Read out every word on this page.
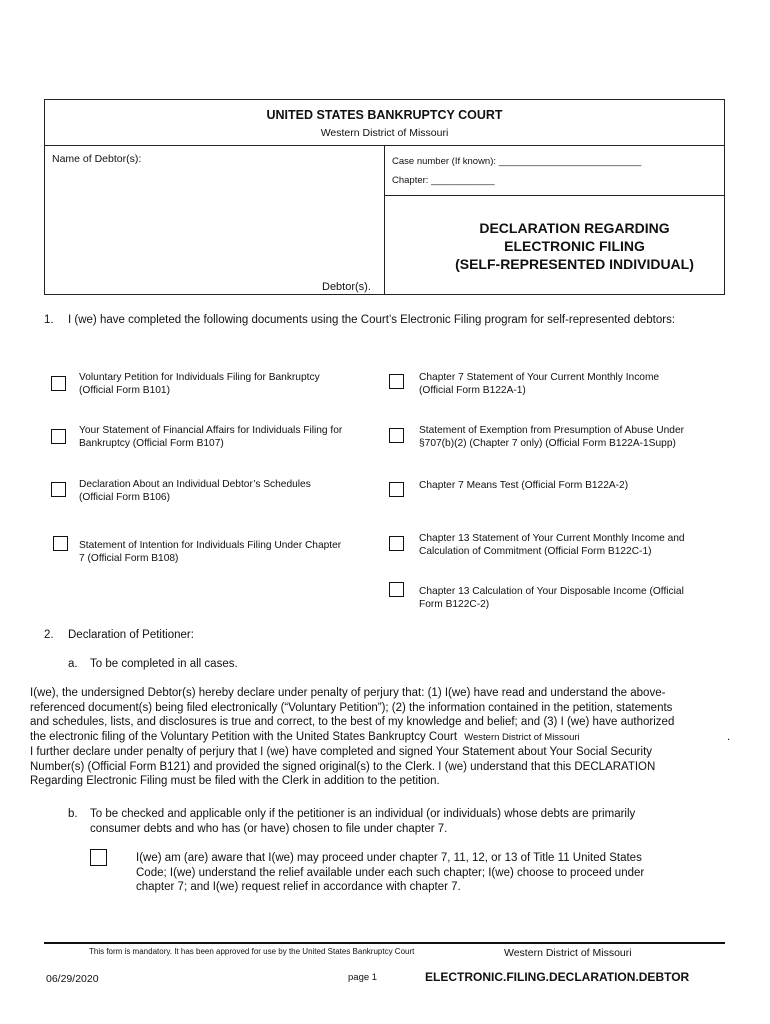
UNITED STATES BANKRUPTCY COURT
Western District of Missouri
Name of Debtor(s):	Case number (If known): ___________________________
Chapter: ____________
Debtor(s).
DECLARATION REGARDING
ELECTRONIC FILING
(SELF-REPRESENTED INDIVIDUAL)
1. I (we) have completed the following documents using the Court’s Electronic Filing program for self-represented debtors:
Voluntary Petition for Individuals Filing for Bankruptcy
(Official Form B101)
Your Statement of Financial Affairs for Individuals Filing for
Bankruptcy (Official Form B107)
Declaration About an Individual Debtor’s Schedules
(Official Form B106)
Statement of Intention for Individuals Filing Under Chapter
7 (Official Form B108)
Chapter 7 Statement of Your Current Monthly Income
(Official Form B122A-1)
Statement of Exemption from Presumption of Abuse Under
§707(b)(2) (Chapter 7 only) (Official Form B122A-1Supp)
Chapter 7 Means Test (Official Form B122A-2)
Chapter 13 Statement of Your Current Monthly Income and
Calculation of Commitment (Official Form B122C-1)
Chapter 13 Calculation of Your Disposable Income (Official
Form B122C-2)
2. Declaration of Petitioner:
a. To be completed in all cases.
I(we), the undersigned Debtor(s) hereby declare under penalty of perjury that: (1) I(we) have read and understand the above-
referenced document(s) being filed electronically (“Voluntary Petition”); (2) the information contained in the petition, statements
and schedules, lists, and disclosures is true and correct, to the best of my knowledge and belief; and (3) I (we) have authorized
the electronic filing of the Voluntary Petition with the United States Bankruptcy Court Western District of Missouri	.
I further declare under penalty of perjury that I (we) have completed and signed Your Statement about Your Social Security
Number(s) (Official Form B121) and provided the signed original(s) to the Clerk. I (we) understand that this DECLARATION
Regarding Electronic Filing must be filed with the Clerk in addition to the petition.
b. To be checked and applicable only if the petitioner is an individual (or individuals) whose debts are primarily
consumer debts and who has (or have) chosen to file under chapter 7.
I(we) am (are) aware that I(we) may proceed under chapter 7, 11, 12, or 13 of Title 11 United States
Code; I(we) understand the relief available under each such chapter; I(we) choose to proceed under
chapter 7; and I(we) request relief in accordance with chapter 7.
This form is mandatory. It has been approved for use by the United States Bankruptcy Court	Western District of Missouri
06/29/2020	page 1	ELECTRONIC.FILING.DECLARATION.DEBTOR
